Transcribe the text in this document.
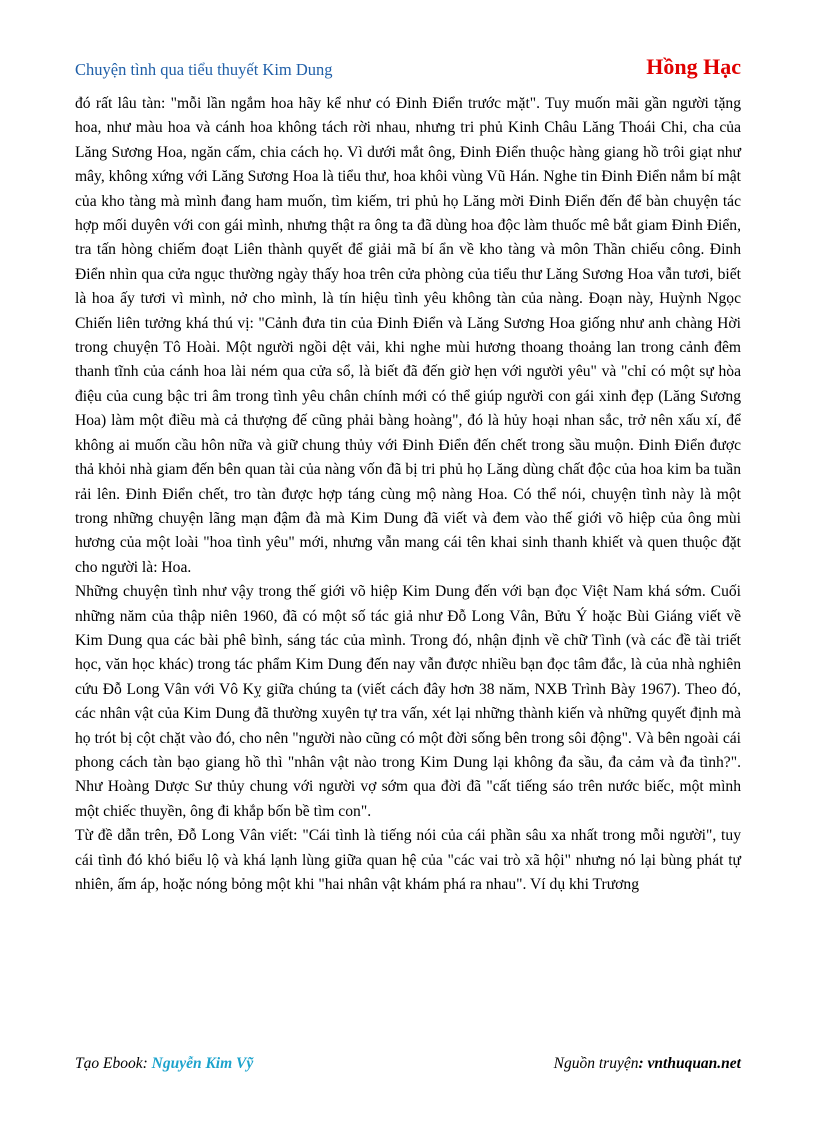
Chuyện tình qua tiểu thuyết Kim Dung	Hồng Hạc

đó rất lâu tàn: "mỗi lần ngắm hoa hãy kể như có Đinh Điển trước mặt". Tuy muốn mãi gần người tặng hoa, như màu hoa và cánh hoa không tách rời nhau, nhưng tri phủ Kinh Châu Lăng Thoái Chi, cha của Lăng Sương Hoa, ngăn cấm, chia cách họ. Vì dưới mắt ông, Đinh Điển thuộc hàng giang hồ trôi giạt như mây, không xứng với Lăng Sương Hoa là tiểu thư, hoa khôi vùng Vũ Hán. Nghe tin Đinh Điển nắm bí mật của kho tàng mà mình đang ham muốn, tìm kiếm, tri phủ họ Lăng mời Đinh Điển đến để bàn chuyện tác hợp mối duyên với con gái mình, nhưng thật ra ông ta đã dùng hoa độc làm thuốc mê bắt giam Đinh Điển, tra tấn hòng chiếm đoạt Liên thành quyết để giải mã bí ẩn về kho tàng và môn Thần chiếu công. Đinh Điển nhìn qua cửa ngục thường ngày thấy hoa trên cửa phòng của tiểu thư Lăng Sương Hoa vẫn tươi, biết là hoa ấy tươi vì mình, nở cho mình, là tín hiệu tình yêu không tàn của nàng. Đoạn này, Huỳnh Ngọc Chiến liên tưởng khá thú vị: "Cảnh đưa tin của Đinh Điển và Lăng Sương Hoa giống như anh chàng Hời trong chuyện Tô Hoài. Một người ngồi dệt vải, khi nghe mùi hương thoang thoảng lan trong cảnh đêm thanh tĩnh của cánh hoa lài ném qua cửa sổ, là biết đã đến giờ hẹn với người yêu" và "chỉ có một sự hòa điệu của cung bậc tri âm trong tình yêu chân chính mới có thể giúp người con gái xinh đẹp (Lăng Sương Hoa) làm một điều mà cả thượng đế cũng phải bàng hoàng", đó là hủy hoại nhan sắc, trở nên xấu xí, để không ai muốn cầu hôn nữa và giữ chung thủy với Đinh Điển đến chết trong sầu muộn. Đinh Điển được thả khỏi nhà giam đến bên quan tài của nàng vốn đã bị tri phủ họ Lăng dùng chất độc của hoa kim ba tuần rải lên. Đinh Điển chết, tro tàn được hợp táng cùng mộ nàng Hoa. Có thể nói, chuyện tình này là một trong những chuyện lãng mạn đậm đà mà Kim Dung đã viết và đem vào thế giới võ hiệp của ông mùi hương của một loài "hoa tình yêu" mới, nhưng vẫn mang cái tên khai sinh thanh khiết và quen thuộc đặt cho người là: Hoa.

Những chuyện tình như vậy trong thế giới võ hiệp Kim Dung đến với bạn đọc Việt Nam khá sớm. Cuối những năm của thập niên 1960, đã có một số tác giả như Đỗ Long Vân, Bửu Ý hoặc Bùi Giáng viết về Kim Dung qua các bài phê bình, sáng tác của mình. Trong đó, nhận định về chữ Tình (và các đề tài triết học, văn học khác) trong tác phẩm Kim Dung đến nay vẫn được nhiều bạn đọc tâm đắc, là của nhà nghiên cứu Đỗ Long Vân với Vô Kỵ giữa chúng ta (viết cách đây hơn 38 năm, NXB Trình Bày 1967). Theo đó, các nhân vật của Kim Dung đã thường xuyên tự tra vấn, xét lại những thành kiến và những quyết định mà họ trót bị cột chặt vào đó, cho nên "người nào cũng có một đời sống bên trong sôi động". Và bên ngoài cái phong cách tàn bạo giang hồ thì "nhân vật nào trong Kim Dung lại không đa sầu, đa cảm và đa tình?". Như Hoàng Dược Sư thủy chung với người vợ sớm qua đời đã "cất tiếng sáo trên nước biếc, một mình một chiếc thuyền, ông đi khắp bốn bề tìm con".

Từ đề dẫn trên, Đỗ Long Vân viết: "Cái tình là tiếng nói của cái phần sâu xa nhất trong mỗi người", tuy cái tình đó khó biểu lộ và khá lạnh lùng giữa quan hệ của "các vai trò xã hội" nhưng nó lại bùng phát tự nhiên, ấm áp, hoặc nóng bỏng một khi "hai nhân vật khám phá ra nhau". Ví dụ khi Trương

Tạo Ebook: Nguyễn Kim Vỹ	Nguồn truyện: vnthuquan.net
